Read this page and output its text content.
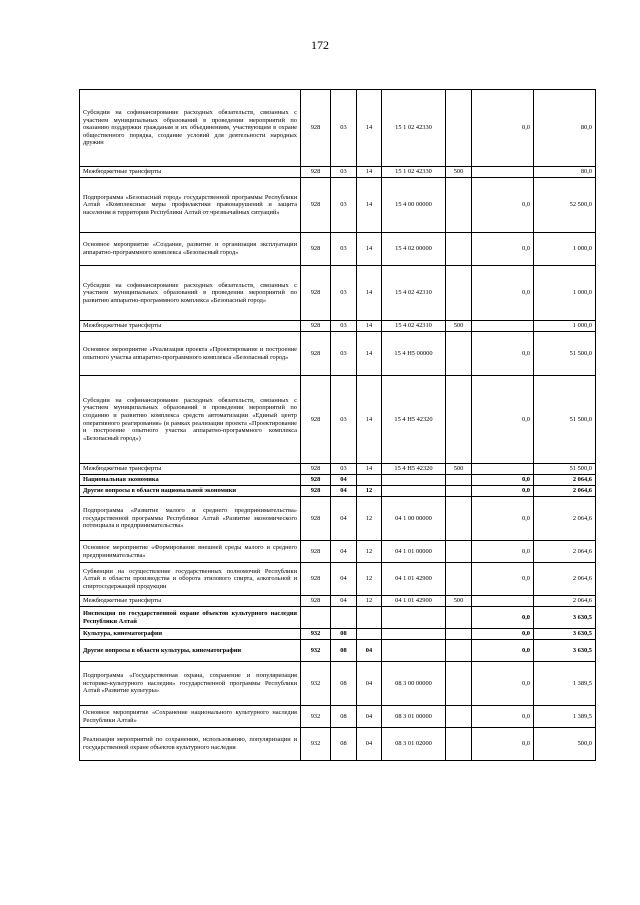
172
Субсидии на софинансирование расходных обязательств, связанных с участием муниципальных образований в проведении мероприятий по оказанию поддержки гражданам и их объединениям, участвующим в охране общественного порядка, создание условий для деятельности народных дружин	928	03	14	15 1 02 42330		0,0	80,0
Межбюджетные трансферты	928	03	14	15 1 02 42330	500		80,0
Подпрограмма «Безопасный город» государственной программы Республики Алтай «Комплексные меры профилактики правонарушений и защита населения и территории Республики Алтай от чрезвычайных ситуаций»	928	03	14	15 4 00 00000		0,0	52 500,0
Основное мероприятие «Создание, развитие и организация эксплуатации аппаратно-программного комплекса «Безопасный город»	928	03	14	15 4 02 00000		0,0	1 000,0
Субсидии на софинансирование расходных обязательств, связанных с участием муниципальных образований в проведении мероприятий по развитию аппаратно-программного комплекса «Безопасный город»	928	03	14	15 4 02 42310		0,0	1 000,0
Межбюджетные трансферты	928	03	14	15 4 02 42310	500		1 000,0
Основное мероприятие «Реализация проекта «Проектирование и построение опытного участка аппаратно-программного комплекса «Безопасный город»	928	03	14	15 4 Н5 00000		0,0	51 500,0
Субсидии на софинансирование расходных обязательств, связанных с участием муниципальных образований в проведении мероприятий по созданию и развитию комплекса средств автоматизации «Единый центр оперативного реагирования» (в рамках реализации проекта «Проектирование и построение опытного участка аппаратно-программного комплекса «Безопасный город»)	928	03	14	15 4 Н5 42320		0,0	51 500,0
Межбюджетные трансферты	928	03	14	15 4 Н5 42320	500		51 500,0
Национальная экономика	928	04				0,0	2 064,6
Другие вопросы в области национальной экономики	928	04	12			0,0	2 064,6
Подпрограмма «Развитие малого и среднего предпринимательства» государственной программы Республики Алтай «Развитие экономического потенциала и предпринимательства»	928	04	12	04 1 00 00000		0,0	2 064,6
Основное мероприятие «Формирование внешней среды малого и среднего предпринимательства»	928	04	12	04 1 01 00000		0,0	2 064,6
Субвенции на осуществление государственных полномочий Республики Алтай в области производства и оборота этилового спирта, алкогольной и спиртосодержащей продукции	928	04	12	04 1 01 42900		0,0	2 064,6
Межбюджетные трансферты	928	04	12	04 1 01 42900	500		2 064,6
Инспекция по государственной охране объектов культурного наследия Республики Алтай						0,0	3 630,5
Культура, кинематография	932	08				0,0	3 630,5
Другие вопросы в области культуры, кинематографии	932	08	04			0,0	3 630,5
Подпрограмма «Государственная охрана, сохранение и популяризация историко-культурного наследия» государственной программы Республики Алтай «Развитие культуры»	932	08	04	08 3 00 00000		0,0	1 389,5
Основное мероприятие «Сохранение национального культурного наследия Республики Алтай»	932	08	04	08 3 01 00000		0,0	1 389,5
Реализация мероприятий по сохранению, использованию, популяризации и государственной охране объектов культурного наследия	932	08	04	08 3 01 02000		0,0	500,0
